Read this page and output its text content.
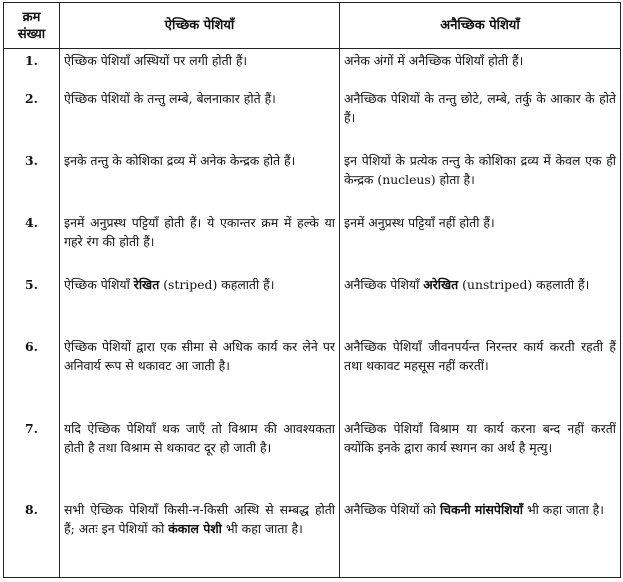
क्रम संख्या	ऐच्छिक पेशियाँ	अनैच्छिक पेशियाँ
1.	ऐच्छिक पेशियाँ अस्थियों पर लगी होती हैं।	अनेक अंगों में अनैच्छिक पेशियाँ होती हैं।
2.	ऐच्छिक पेशियों के तन्तु लम्बे, बेलनाकार होते हैं।	अनैच्छिक पेशियों के तन्तु छोटे, लम्बे, तर्कु के आकार के होते हैं।
3.	इनके तन्तु के कोशिका द्रव्य में अनेक केन्द्रक होते हैं।	इन पेशियों के प्रत्येक तन्तु के कोशिका द्रव्य में केवल एक ही केन्द्रक (nucleus) होता है।
4.	इनमें अनुप्रस्थ पट्टियाँ होती हैं। ये एकान्तर क्रम में हल्के या गहरे रंग की होती हैं।	इनमें अनुप्रस्थ पट्टियाँ नहीं होती हैं।
5.	ऐच्छिक पेशियाँ रेखित (striped) कहलाती हैं।	अनैच्छिक पेशियाँ अरेखित (unstriped) कहलाती हैं।
6.	ऐच्छिक पेशियों द्वारा एक सीमा से अधिक कार्य कर लेने पर अनिवार्य रूप से थकावट आ जाती है।	अनैच्छिक पेशियाँ जीवनपर्यन्त निरन्तर कार्य करती रहती हैं तथा थकावट महसूस नहीं करतीं।
7.	यदि ऐच्छिक पेशियाँ थक जाएँ तो विश्राम की आवश्यकता होती है तथा विश्राम से थकावट दूर हो जाती है।	अनैच्छिक पेशियाँ विश्राम या कार्य करना बन्द नहीं करतीं क्योंकि इनके द्वारा कार्य स्थगन का अर्थ है मृत्यु।
8.	सभी ऐच्छिक पेशियाँ किसी-न-किसी अस्थि से सम्बद्ध होती हैं; अतः इन पेशियों को कंकाल पेशी भी कहा जाता है।	अनैच्छिक पेशियों को चिकनी मांसपेशियाँ भी कहा जाता है।
